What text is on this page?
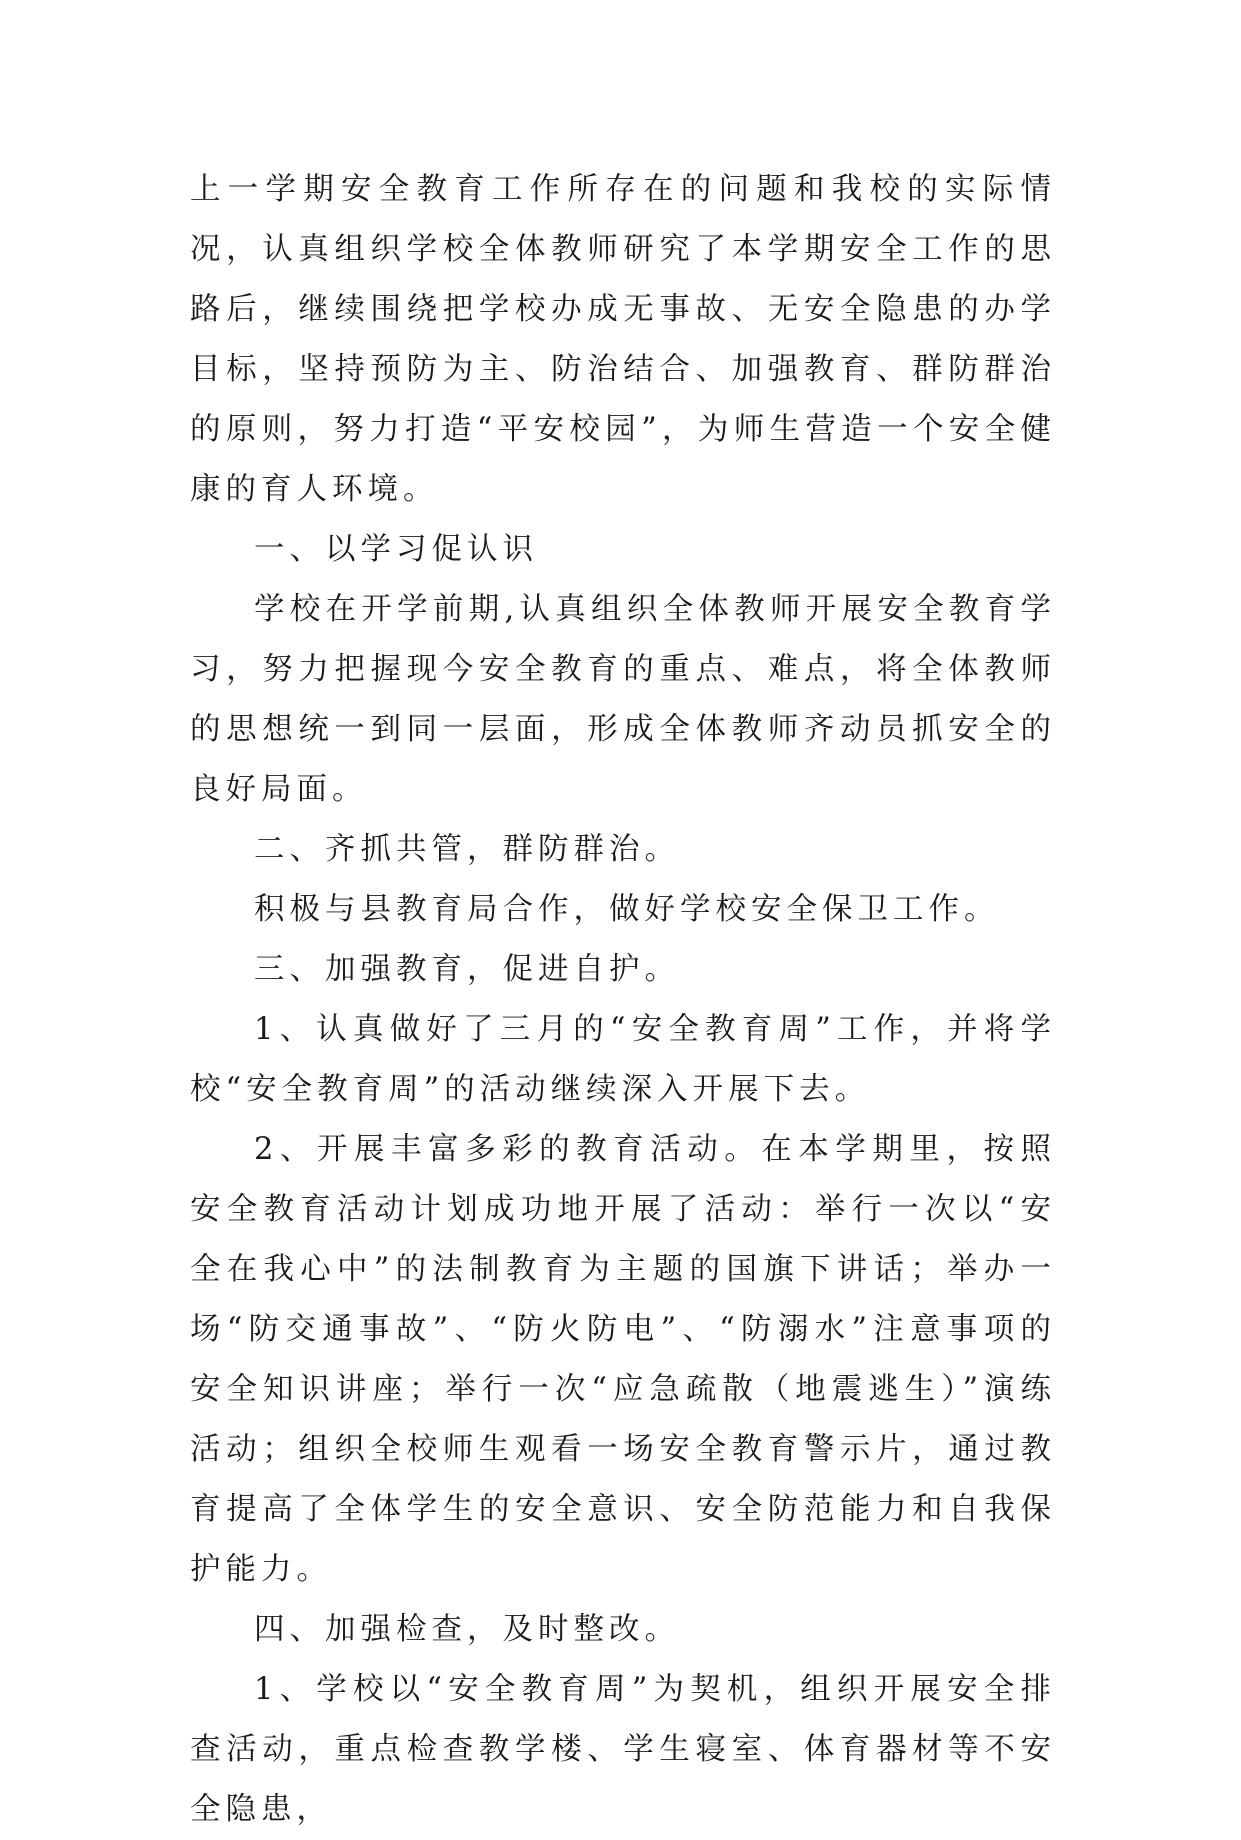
上一学期安全教育工作所存在的问题和我校的实际情况，认真组织学校全体教师研究了本学期安全工作的思路后，继续围绕把学校办成无事故、无安全隐患的办学目标，坚持预防为主、防治结合、加强教育、群防群治的原则，努力打造“平安校园”，为师生营造一个安全健康的育人环境。

一、以学习促认识

学校在开学前期,认真组织全体教师开展安全教育学习，努力把握现今安全教育的重点、难点，将全体教师的思想统一到同一层面，形成全体教师齐动员抓安全的良好局面。

二、齐抓共管，群防群治。

积极与县教育局合作，做好学校安全保卫工作。

三、加强教育，促进自护。

1、认真做好了三月的“安全教育周”工作，并将学校“安全教育周”的活动继续深入开展下去。

2、开展丰富多彩的教育活动。在本学期里，按照安全教育活动计划成功地开展了活动：举行一次以“安全在我心中”的法制教育为主题的国旗下讲话；举办一场“防交通事故”、“防火防电”、“防溺水”注意事项的安全知识讲座；举行一次“应急疏散（地震逃生）”演练活动；组织全校师生观看一场安全教育警示片，通过教育提高了全体学生的安全意识、安全防范能力和自我保护能力。

四、加强检查，及时整改。

1、学校以“安全教育周”为契机，组织开展安全排查活动，重点检查教学楼、学生寝室、体育器材等不安全隐患，
